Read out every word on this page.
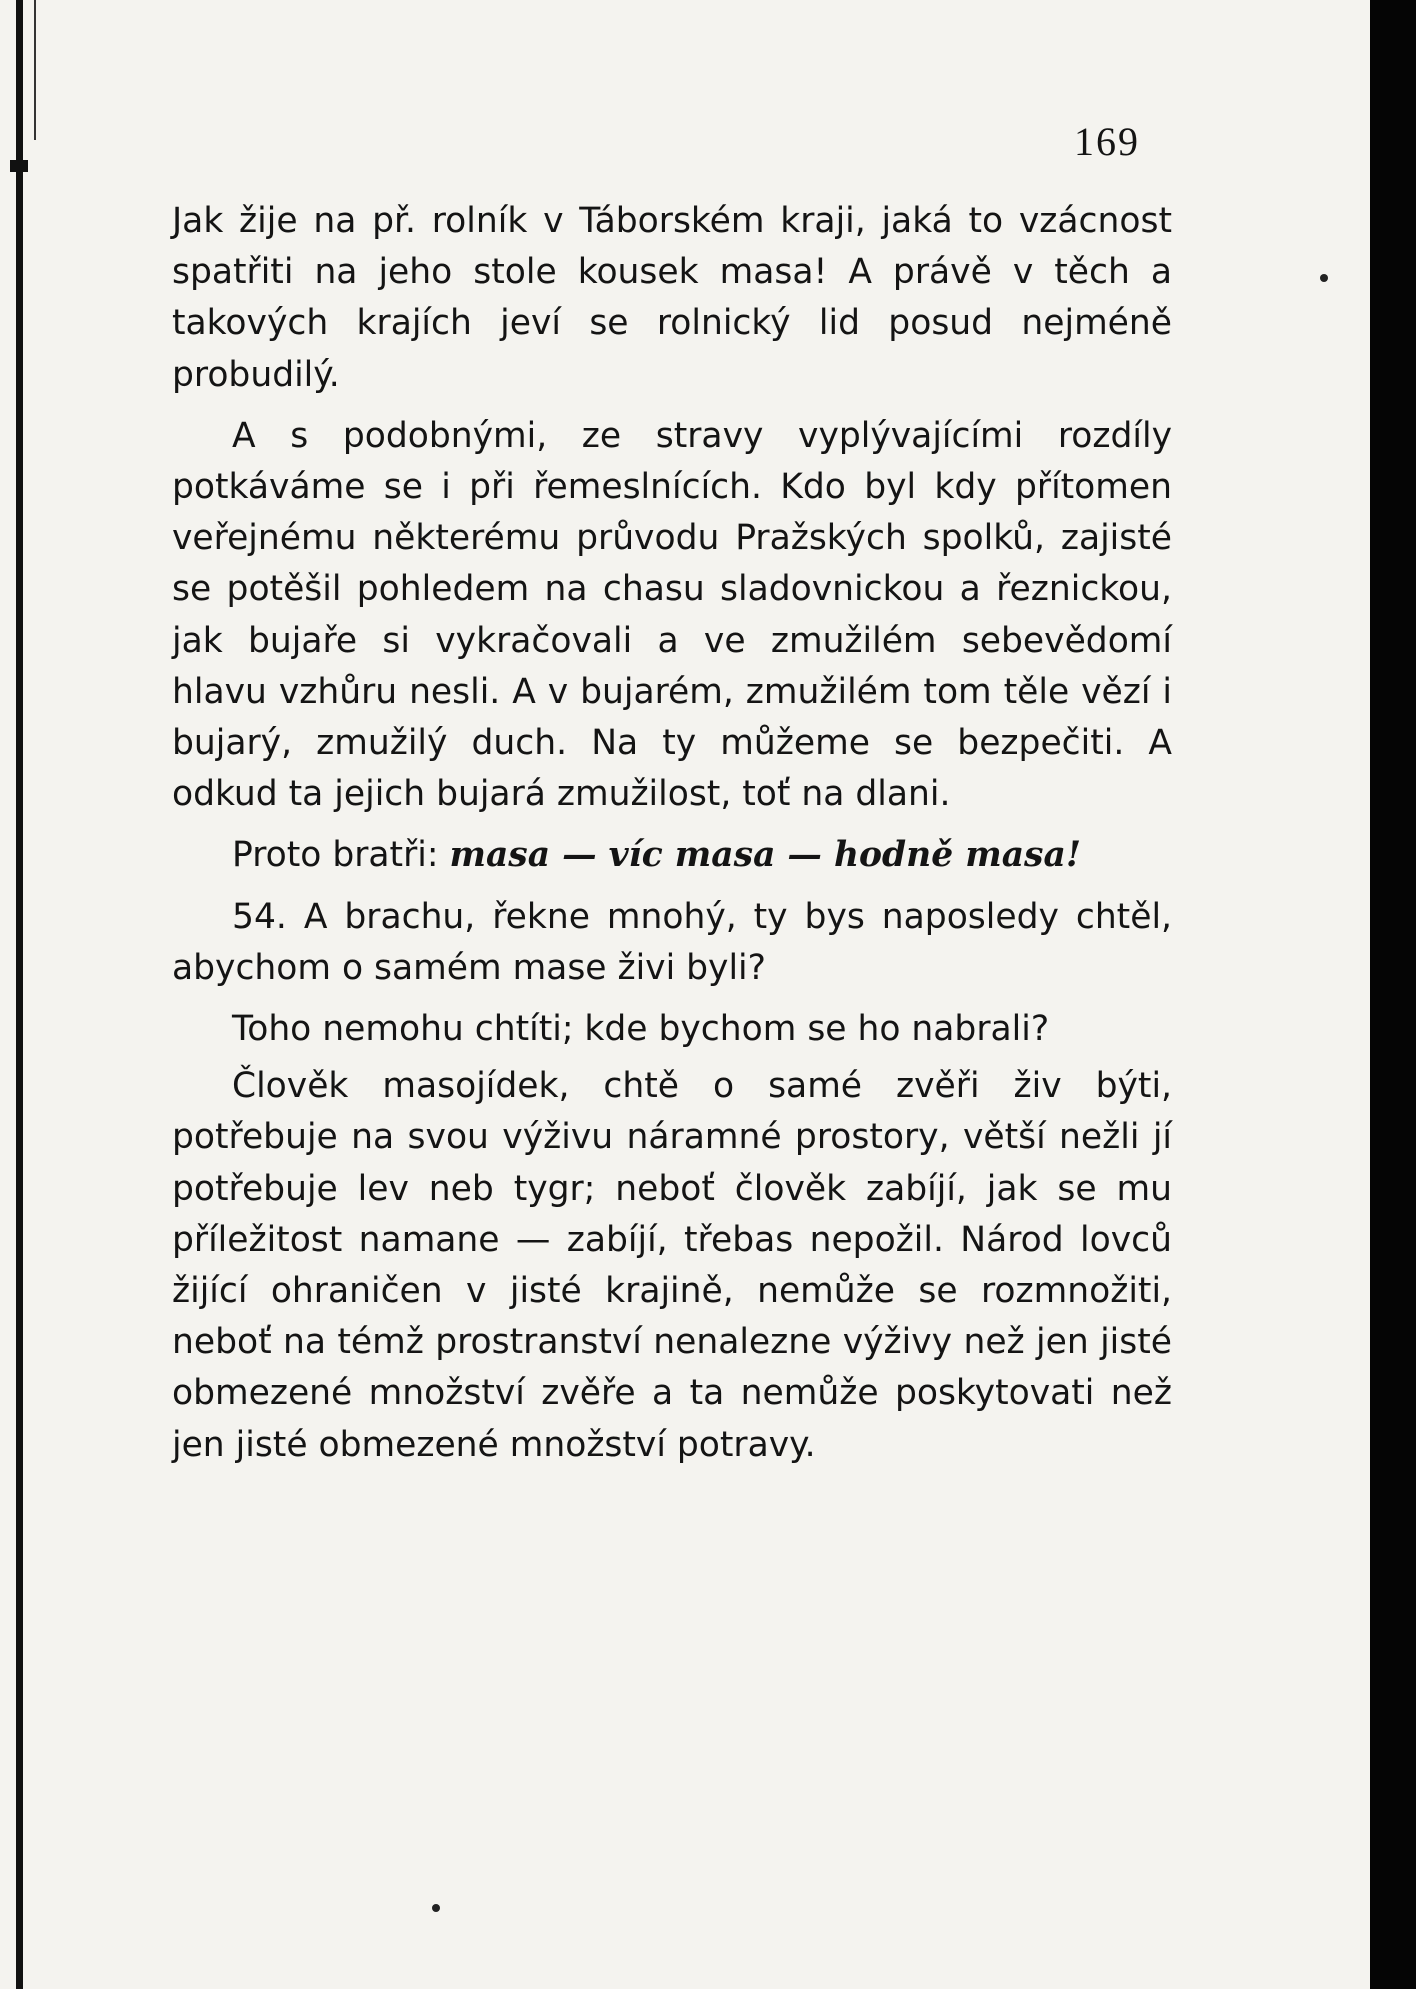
169

Jak žije na př. rolník v Táborském kraji, jaká to vzácnost spatřiti na jeho stole kousek masa! A právě v těch a takových krajích jeví se rolnický lid posud nejméně probudilý.

A s podobnými, ze stravy vyplývajícími rozdíly potkáváme se i při řemeslnících. Kdo byl kdy přítomen veřejnému některému průvodu Pražských spolků, zajisté se potěšil pohledem na chasu sladovnickou a řeznickou, jak bujaře si vykračovali a ve zmužilém sebevědomí hlavu vzhůru nesli. A v bujarém, zmužilém tom těle vězí i bujarý, zmužilý duch. Na ty můžeme se bezpečiti. A odkud ta jejich bujará zmužilost, toť na dlani.

Proto bratři: masa — víc masa — hodně masa!

54. A brachu, řekne mnohý, ty bys naposledy chtěl, abychom o samém mase živi byli?

Toho nemohu chtíti; kde bychom se ho nabrali?

Člověk masojídek, chtě o samé zvěři živ býti, potřebuje na svou výživu náramné prostory, větší nežli jí potřebuje lev neb tygr; neboť člověk zabíjí, jak se mu příležitost namane — zabíjí, třebas nepožil. Národ lovců žijící ohraničen v jisté krajině, nemůže se rozmnožiti, neboť na témž prostranství nenalezne výživy než jen jisté obmezené množství zvěře a ta nemůže poskytovati než jen jisté obmezené množství potravy.
